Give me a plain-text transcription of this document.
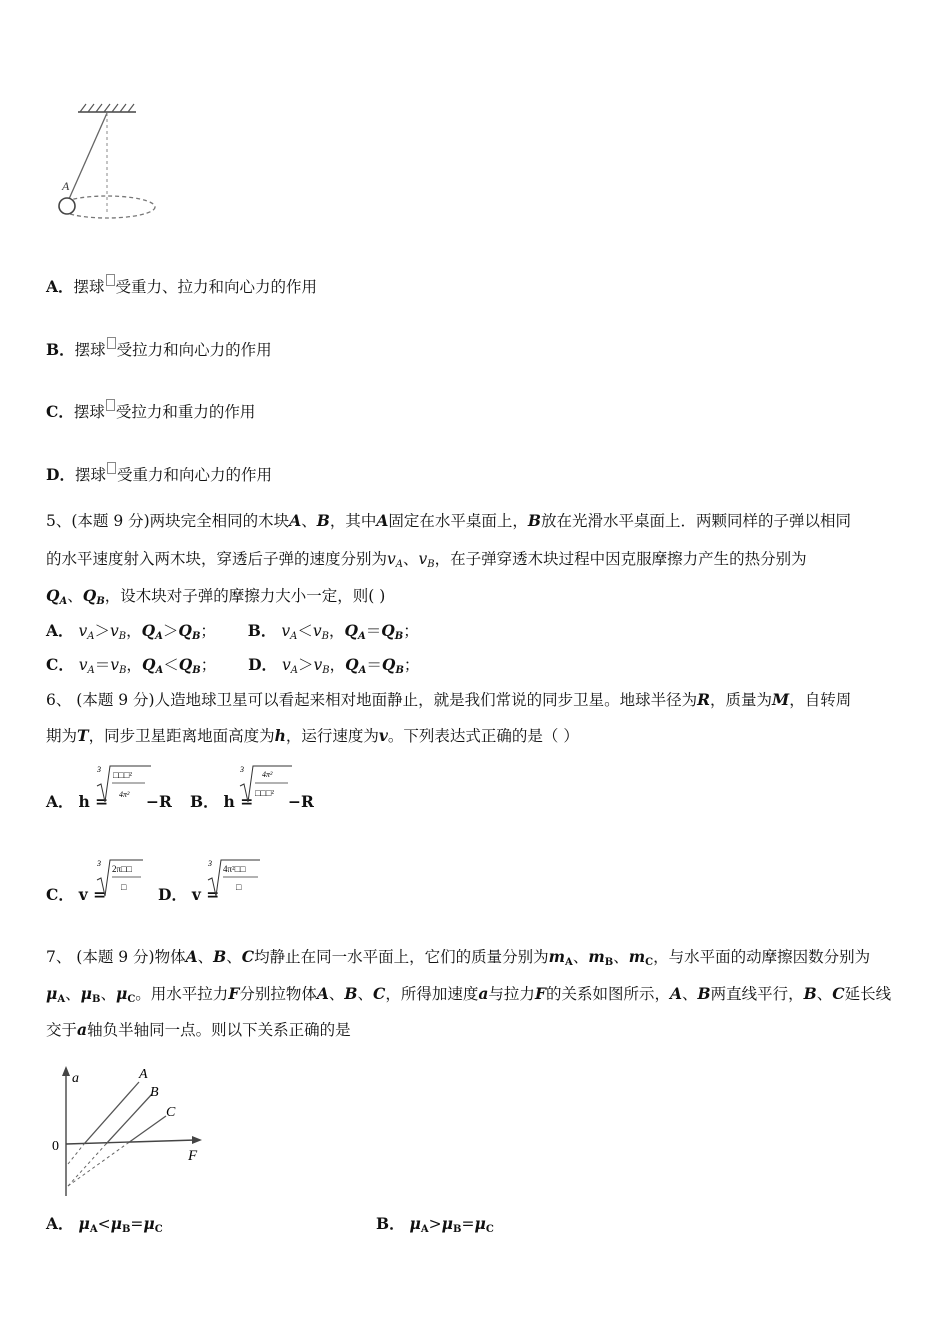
A
A．摆球 受重力、拉力和向心力的作用
B．摆球 受拉力和向心力的作用
C．摆球 受拉力和重力的作用
D．摆球 受重力和向心力的作用
5、(本题 9 分)两块完全相同的木块A、B，其中A固定在水平桌面上，B放在光滑水平桌面上．两颗同样的子弹以相同
的水平速度射入两木块，穿透后子弹的速度分别为vA、vB，在子弹穿透木块过程中因克服摩擦力产生的热分别为
QA、QB，设木块对子弹的摩擦力大小一定，则( )
A． vA＞vB，QA＞QB；  B． vA＜vB，QA＝QB；
C． vA＝vB，QA＜QB；  D． vA＞vB，QA＝QB；
6、 (本题 9 分)人造地球卫星可以看起来相对地面静止，就是我们常说的同步卫星。地球半径为R，质量为M，自转周
期为T，同步卫星距离地面高度为h，运行速度为v。下列表达式正确的是（ ）
A． h =
3
□□□²
4π² −R B． h =
3
4π²
□□□² −R
C． v =
3
2π□□
□ D． v =
3
4π²□□
□
7、 (本题 9 分)物体A、B、C均静止在同一水平面上，它们的质量分别为$m_A$、$m_B$、$m_C$，与水平面的动摩擦因数分别为
$\mu_A$、$\mu_B$、$\mu_C$。用水平拉力F分别拉物体A、B、C，所得加速度a与拉力F的关系如图所示，A、B两直线平行，B、C延长线
交于a轴负半轴同一点。则以下关系正确的是
a
F
0
A
B
C
A． $\mu_A<\mu_B=\mu_C$	B． $\mu_A>\mu_B=\mu_C$
